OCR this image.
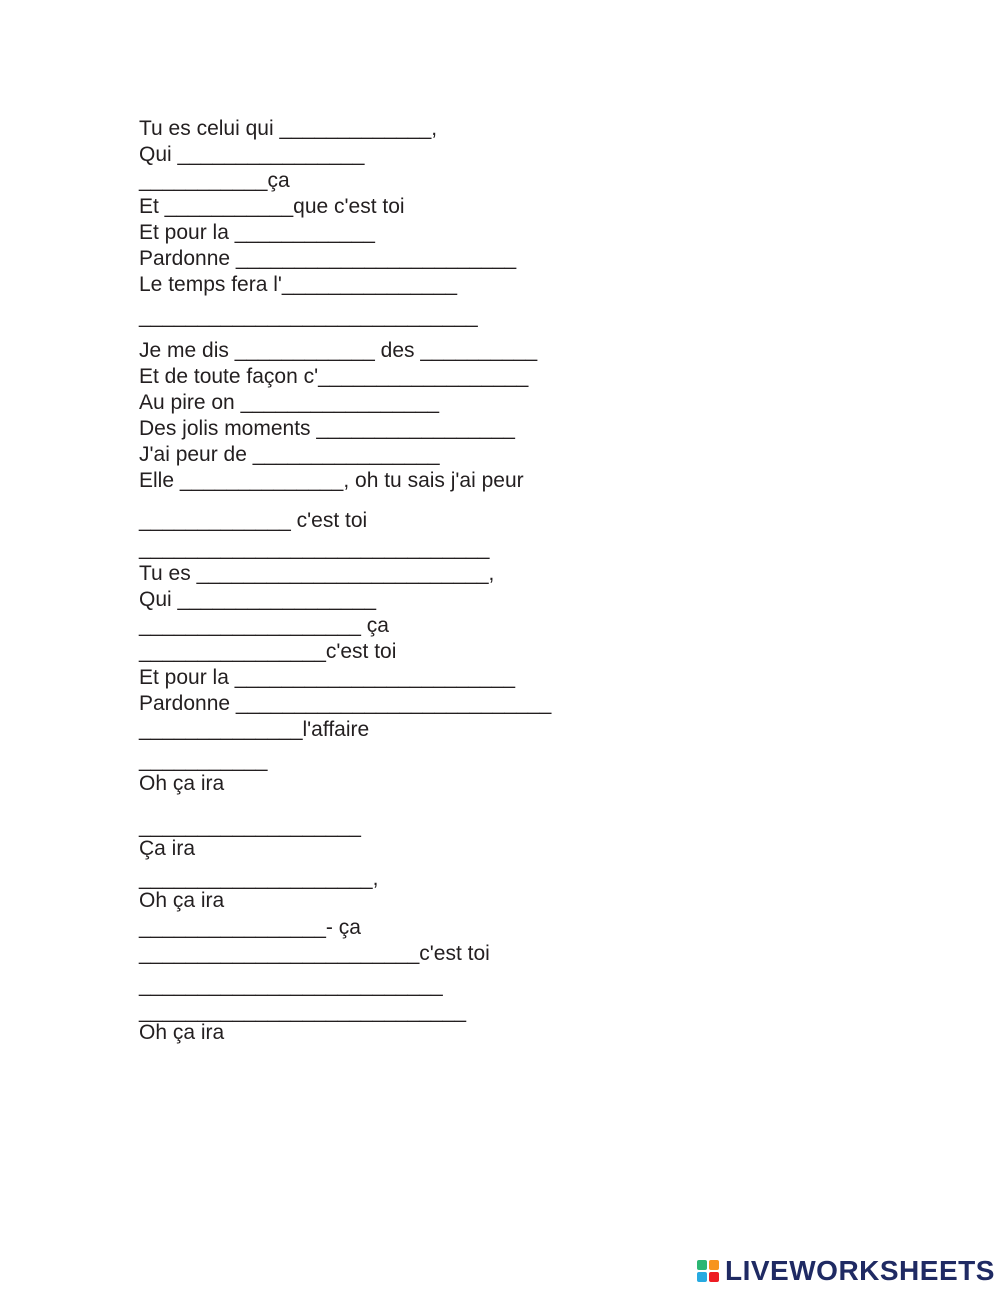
Tu es celui qui _____________,
Qui ________________
___________ça
Et ___________que c'est toi
Et pour la ____________
Pardonne ________________________
Le temps fera l'_______________
_____________________________
Je me dis ____________ des __________
Et de toute façon c'__________________
Au pire on _________________
Des jolis moments _________________
J'ai peur de ________________
Elle ______________, oh tu sais j'ai peur
_____________ c'est toi
______________________________
Tu es _________________________,
Qui _________________
___________________ ça
________________c'est toi
Et pour la ________________________
Pardonne ___________________________
______________l'affaire
___________
Oh ça ira
___________________
Ça ira
____________________,
Oh ça ira
________________- ça
________________________c'est toi
__________________________
____________________________
Oh ça ira
LIVEWORKSHEETS
